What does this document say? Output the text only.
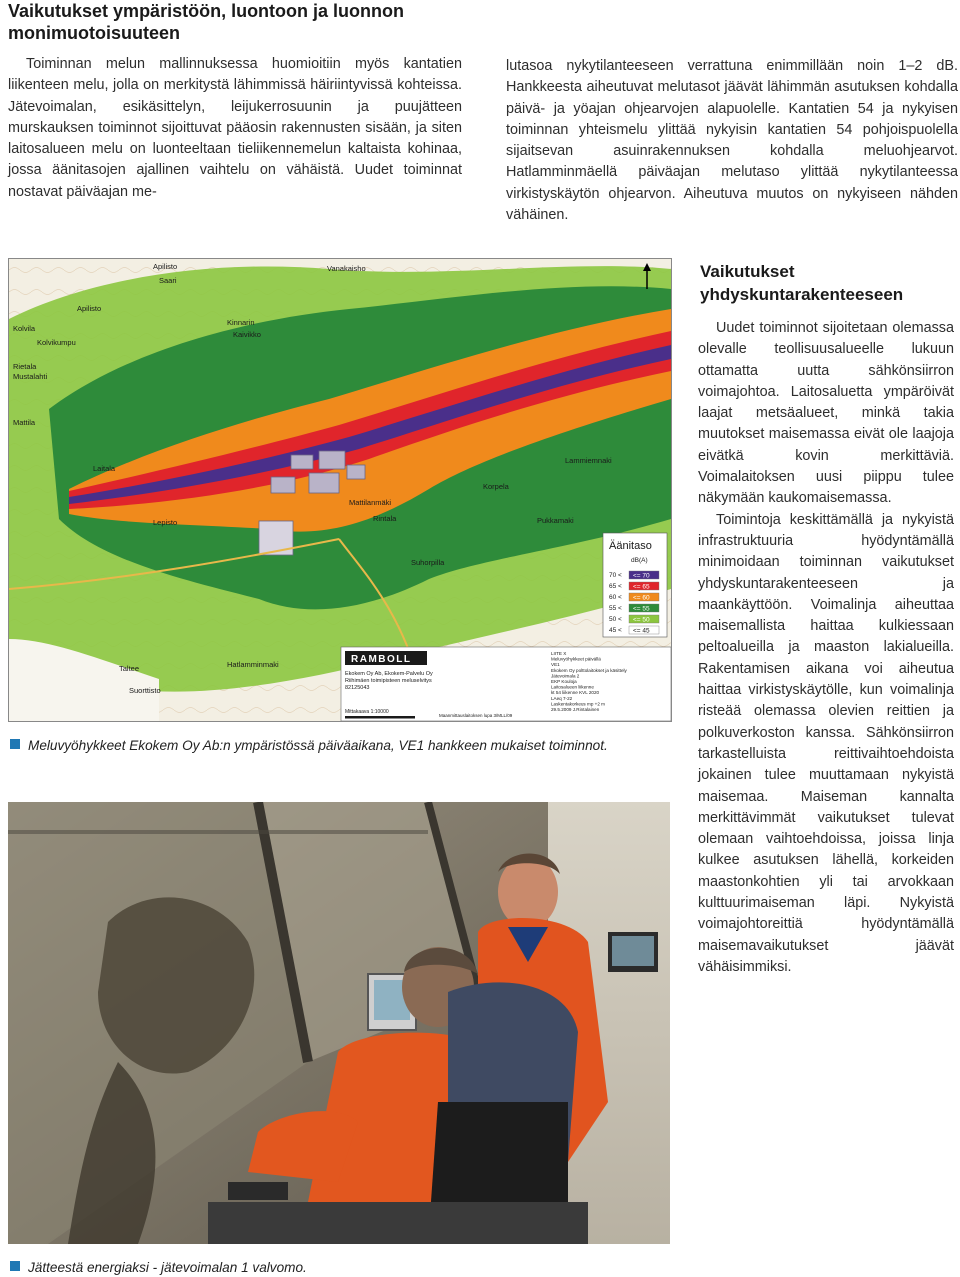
Vaikutukset ympäristöön, luontoon ja luonnon monimuotoisuuteen

Toiminnan melun mallinnuksessa huomioitiin myös kantatien liikenteen melu, jolla on merkitystä lähimmissä häiriintyvissä kohteissa. Jätevoimalan, esikäsittelyn, leijukerrosuunin ja puujätteen murskauksen toiminnot sijoittuvat pääosin rakennusten sisään, ja siten laitosalueen melu on luonteeltaan tieliikennemelun kaltaista kohinaa, jossa äänitasojen ajallinen vaihtelu on vähäistä. Uudet toiminnat nostavat päiväajan me-

lutasoa nykytilanteeseen verrattuna enimmillään noin 1–2 dB. Hankkeesta aiheutuvat melutasot jäävät lähimmän asutuksen kohdalla päivä- ja yöajan ohjearvojen alapuolelle. Kantatien 54 ja nykyisen toiminnan yhteismelu ylittää nykyisin kantatien 54 pohjoispuolella sijaitsevan asuinrakennuksen kohdalla meluohjearvot. Hatlamminmäellä päiväajan melutaso ylittää nykytilanteessa virkistyskäytön ohjearvon. Aiheutuva muutos on nykyiseen nähden vähäinen.

Vaikutukset yhdyskuntarakenteeseen

Uudet toiminnot sijoitetaan olemassa olevalle teollisuusalueelle lukuun ottamatta uutta sähkönsiirron voimajohtoa. Laitosaluetta ympäröivät laajat metsäalueet, minkä takia muutokset maisemassa eivät ole laajoja eivätkä kovin merkittäviä. Voimalaitoksen uusi piippu tulee näkymään kaukomaisemassa.

Toimintoja keskittämällä ja nykyistä infrastruktuuria hyödyntämällä minimoidaan toiminnan vaikutukset yhdyskuntarakenteeseen ja maankäyttöön. Voimalinja aiheuttaa maisemallista haittaa kulkiessaan peltoalueilla ja maaston lakialueilla. Rakentamisen aikana voi aiheutua haittaa virkistyskäytölle, kun voimalinja risteää olemassa olevien reittien ja polkuverkoston kanssa. Sähkönsiirron tarkastelluista reittivaihtoehdoista jokainen tulee muuttamaan nykyistä maisemaa. Maiseman kannalta merkittävimmät vaikutukset tulevat olemaan vaihtoehdoissa, joissa linja kulkee asutuksen lähellä, korkeiden maastonkohtien yli tai arvokkaan kulttuurimaiseman läpi. Nykyistä voimajohtoreittiä hyödyntämällä maisemavaikutukset jäävät vähäisimmiksi.

Apilisto
Saari
Apilisto
Kolvikumpu
Vanakaisho
Kolvila
Kinnarin
Kaivikko
Rietala
Mustalahti
Mattila
Laitala
Lepisto	Rintala
Suhorpilla
Pukkamaki
Korpela
Lammiemnaki
Hatlamminmaki
Taltee
Suorttisto
Mattilanmäki
Äänitaso
dB(A)
70 < <= 70
65 < <= 65
60 < <= 60
55 < <= 55
50 < <= 50
45 < <= 45
RAMBOLL
Ekokem Oy Ab, Ekokem-Palvelu Oy
Riihimäen toimipisteen meluselvitys
82125043
Mittakaava 1:10000
Maanmittauslaitoksen lupa 3/MLL/09
LIITE X
Meluvyöhykkeet päivällä
VE1
Ekokem Oy polttolaitokset ja käsittely
Jätevoimala 2
EKP Kouloja
Laitosalueen liikenne
kt 54 liikenne KVL 2020
LAeq 7-22
Laskentakorkeus mp +2 m
29.5.2009 J.Rintalainen
Meluvyöhykkeet Ekokem Oy Ab:n ympäristössä päiväaikana, VE1 hankkeen mukaiset toiminnot.
Jätteestä energiaksi - jätevoimalan 1 valvomo.
